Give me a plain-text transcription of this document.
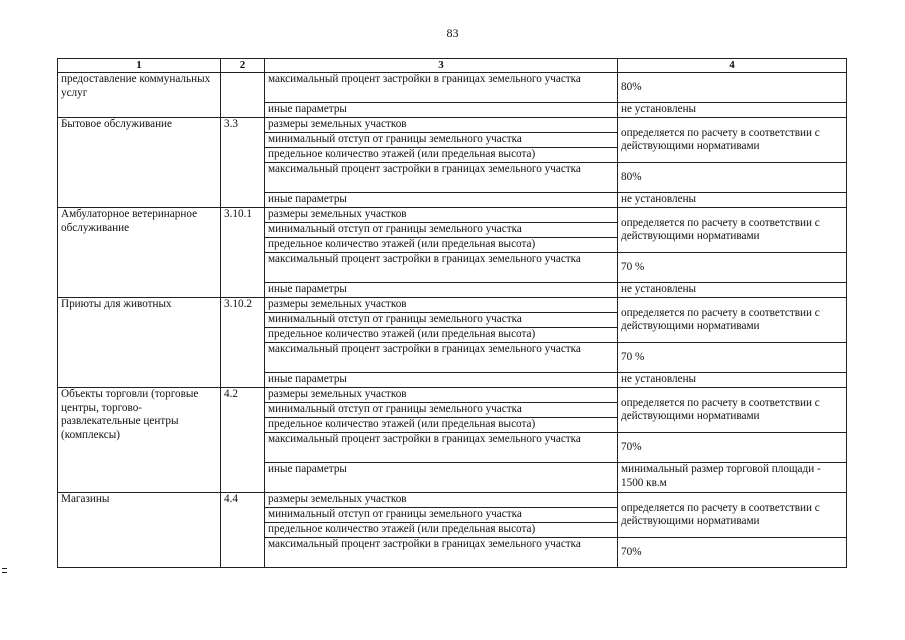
83
1	2	3	4
предоставление коммунальных услуг		максимальный процент застройки в границах земельного участка	80%
		иные параметры	не установлены
Бытовое обслуживание	3.3	размеры земельных участков	определяется по расчету в соответствии с действующими нормативами
		минимальный отступ от границы земельного участка	
		предельное количество этажей (или предельная высота)	
		максимальный процент застройки в границах земельного участка	80%
		иные параметры	не установлены
Амбулаторное ветеринарное обслуживание	3.10.1	размеры земельных участков	определяется по расчету в соответствии с действующими нормативами
		минимальный отступ от границы земельного участка	
		предельное количество этажей (или предельная высота)	
		максимальный процент застройки в границах земельного участка	70 %
		иные параметры	не установлены
Приюты для животных	3.10.2	размеры земельных участков	определяется по расчету в соответствии с действующими нормативами
		минимальный отступ от границы земельного участка	
		предельное количество этажей (или предельная высота)	
		максимальный процент застройки в границах земельного участка	70 %
		иные параметры	не установлены
Объекты торговли (торговые центры, торгово-развлекательные центры (комплексы)	4.2	размеры земельных участков	определяется по расчету в соответствии с действующими нормативами
		минимальный отступ от границы земельного участка	
		предельное количество этажей (или предельная высота)	
		максимальный процент застройки в границах земельного участка	70%
		иные параметры	минимальный размер торговой площади - 1500 кв.м
Магазины	4.4	размеры земельных участков	определяется по расчету в соответствии с действующими нормативами
		минимальный отступ от границы земельного участка	
		предельное количество этажей (или предельная высота)	
		максимальный процент застройки в границах земельного участка	70%
